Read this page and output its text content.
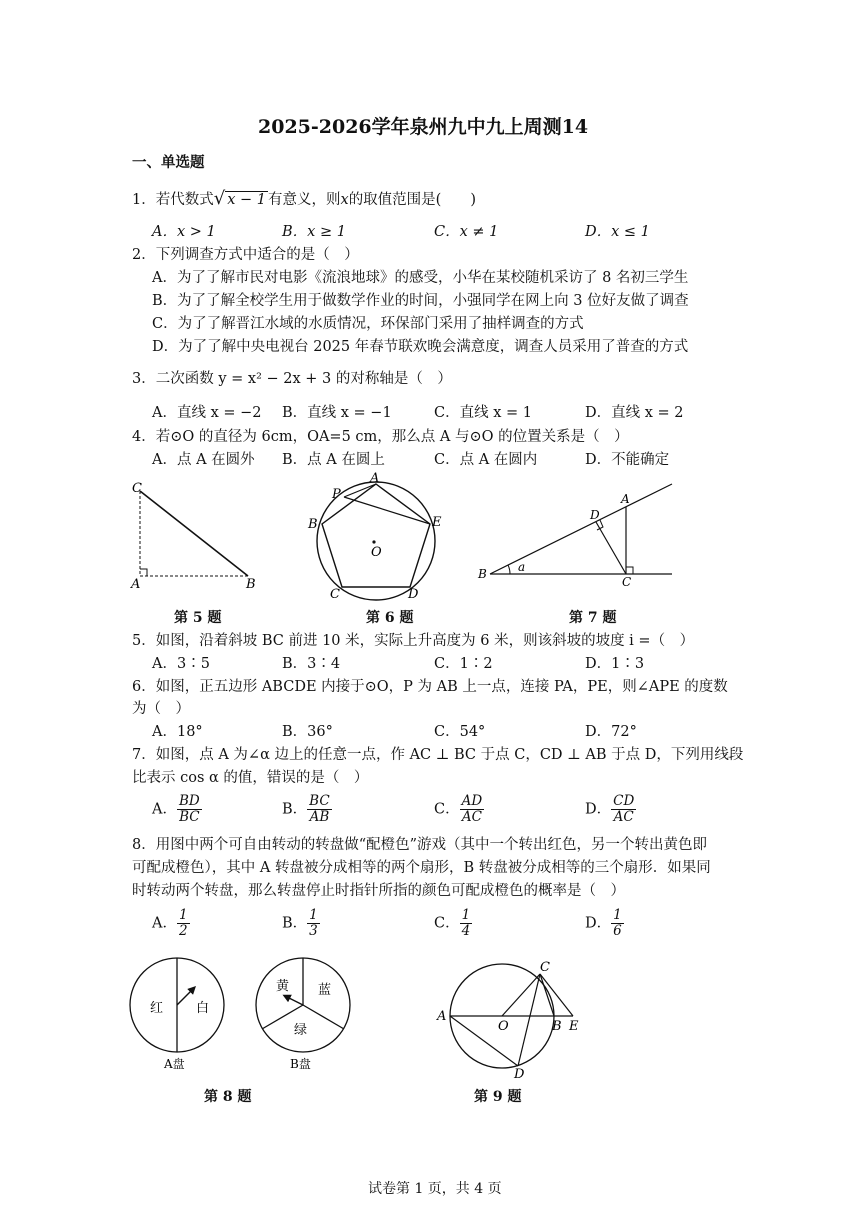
2025-2026学年泉州九中九上周测14
一、单选题
1．若代数式√ x − 1 有意义，则x的取值范围是(　　)
A．x > 1	B．x ≥ 1	C．x ≠ 1	D．x ≤ 1
2．下列调查方式中适合的是（　）
A．为了了解市民对电影《流浪地球》的感受，小华在某校随机采访了 8 名初三学生
B．为了了解全校学生用于做数学作业的时间，小强同学在网上向 3 位好友做了调查
C．为了了解晋江水域的水质情况，环保部门采用了抽样调查的方式
D．为了了解中央电视台 2025 年春节联欢晚会满意度，调查人员采用了普查的方式
3．二次函数 y = x² − 2x + 3 的对称轴是（　）
A．直线 x = −2 B．直线 x = −1	C．直线 x = 1	D．直线 x = 2
4．若⊙O 的直径为 6cm，OA=5 cm，那么点 A 与⊙O 的位置关系是（　）
A．点 A 在圆外 B．点 A 在圆上	C．点 A 在圆内	D．不能确定
C
A	B
P
A
B	E
O
C	D
D
A
B
C
a
第 5 题	第 6 题	第 7 题
5．如图，沿着斜坡 BC 前进 10 米，实际上升高度为 6 米，则该斜坡的坡度 i =（　）
A．3∶5	B．3∶4	C．1∶2	D．1∶3
6．如图，正五边形 ABCDE 内接于⊙O，P 为 AB 上一点，连接 PA，PE，则∠APE 的度数
为（　）
A．18°	B．36°	C．54°	D．72°
7．如图，点 A 为∠α 边上的任意一点，作 AC ⊥ BC 于点 C，CD ⊥ AB 于点 D，下列用线段
比表示 cos α 的值，错误的是（　）
A． $\frac{BD}{BC}$	B． $\frac{BC}{AB}$	C． $\frac{AD}{AC}$	D． $\frac{CD}{AC}$
8．用图中两个可自由转动的转盘做“配橙色”游戏（其中一个转出红色，另一个转出黄色即
可配成橙色），其中 A 转盘被分成相等的两个扇形，B 转盘被分成相等的三个扇形．如果同
时转动两个转盘，那么转盘停止时指针所指的颜色可配成橙色的概率是（　）
A． $\frac{1}{2}$	B． $\frac{1}{3}$	C． $\frac{1}{4}$	D． $\frac{1}{6}$
红	白
A盘
黄 蓝
绿
B盘
A
O	B E
C
D
第 8 题	第 9 题
试卷第 1 页，共 4 页
